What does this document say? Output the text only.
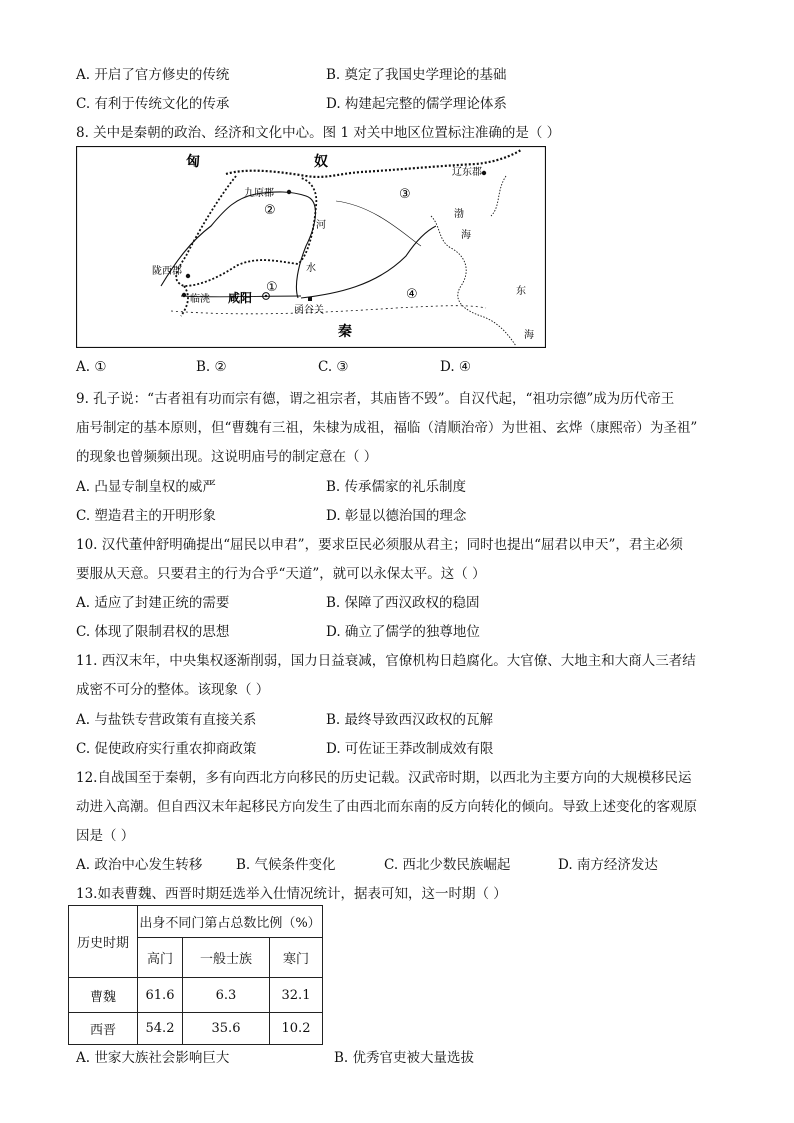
A. 开启了官方修史的传统	B. 奠定了我国史学理论的基础
C. 有利于传统文化的传承	D. 构建起完整的儒学理论体系
8. 关中是秦朝的政治、经济和文化中心。图 1 对关中地区位置标注准确的是（ ）
匈	奴
九原郡
辽东郡
陇西郡
临洮 咸阳
函谷关
秦
渤
海
东
海
河
水
①
②
③
④
A. ①	B. ②	C. ③	D. ④
9. 孔子说：“古者祖有功而宗有德，谓之祖宗者，其庙皆不毁”。自汉代起，“祖功宗德”成为历代帝王
庙号制定的基本原则，但“曹魏有三祖，朱棣为成祖，福临（清顺治帝）为世祖、玄烨（康熙帝）为圣祖”
的现象也曾频频出现。这说明庙号的制定意在（ ）
A. 凸显专制皇权的威严	B. 传承儒家的礼乐制度
C. 塑造君主的开明形象	D. 彰显以德治国的理念
10. 汉代董仲舒明确提出“屈民以申君”，要求臣民必须服从君主；同时也提出“屈君以申天”，君主必须
要服从天意。只要君主的行为合乎“天道”，就可以永保太平。这（ ）
A. 适应了封建正统的需要	B. 保障了西汉政权的稳固
C. 体现了限制君权的思想	D. 确立了儒学的独尊地位
11. 西汉末年，中央集权逐渐削弱，国力日益衰减，官僚机构日趋腐化。大官僚、大地主和大商人三者结
成密不可分的整体。该现象（ ）
A. 与盐铁专营政策有直接关系	B. 最终导致西汉政权的瓦解
C. 促使政府实行重农抑商政策	D. 可佐证王莽改制成效有限
12.自战国至于秦朝，多有向西北方向移民的历史记载。汉武帝时期，以西北为主要方向的大规模移民运
动进入高潮。但自西汉末年起移民方向发生了由西北而东南的反方向转化的倾向。导致上述变化的客观原
因是（ ）
A. 政治中心发生转移 B. 气候条件变化	C. 西北少数民族崛起	D. 南方经济发达
13.如表曹魏、西晋时期廷选举入仕情况统计，据表可知，这一时期（ ）
历史时期	出身不同门第占总数比例（%）		
	高门	一般士族	寒门
曹魏	61.6	6.3	32.1
西晋	54.2	35.6	10.2
A. 世家大族社会影响巨大	B. 优秀官吏被大量选拔
